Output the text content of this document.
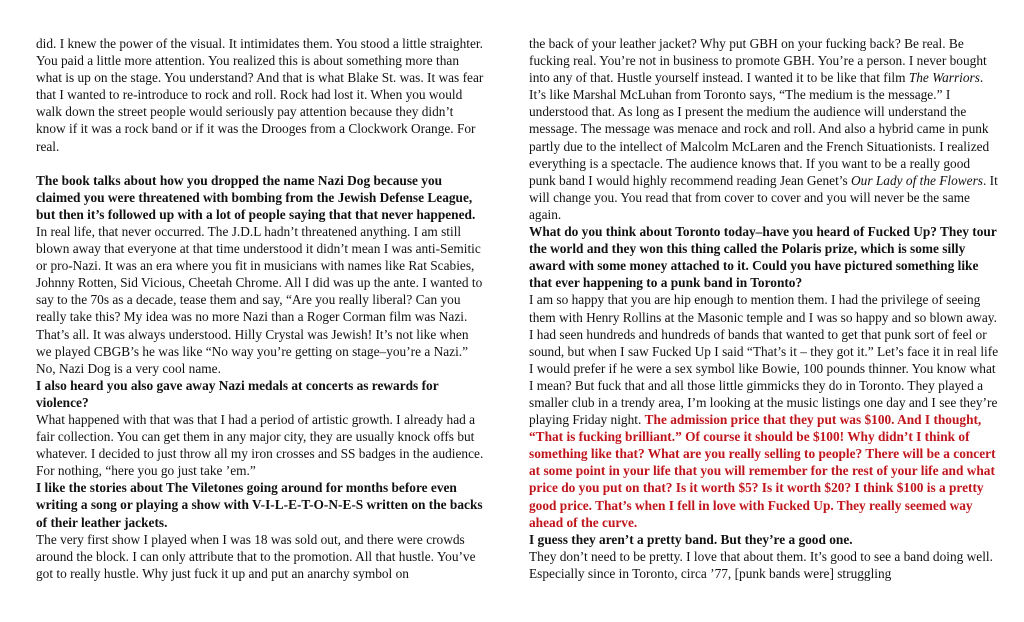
did. I knew the power of the visual. It intimidates them. You stood a little straighter. You paid a little more attention. You realized this is about something more than what is up on the stage. You understand? And that is what Blake St. was. It was fear that I wanted to re-introduce to rock and roll. Rock had lost it. When you would walk down the street people would seriously pay attention because they didn’t know if it was a rock band or if it was the Drooges from a Clockwork Orange. For real.

The book talks about how you dropped the name Nazi Dog because you claimed you were threatened with bombing from the Jewish Defense League, but then it’s followed up with a lot of people saying that that never happened.

In real life, that never occurred. The J.D.L hadn’t threatened anything. I am still blown away that everyone at that time understood it didn’t mean I was anti-Semitic or pro-Nazi. It was an era where you fit in musicians with names like Rat Scabies, Johnny Rotten, Sid Vicious, Cheetah Chrome. All I did was up the ante. I wanted to say to the 70s as a decade, tease them and say, “Are you really liberal? Can you really take this? My idea was no more Nazi than a Roger Corman film was Nazi. That’s all. It was always understood. Hilly Crystal was Jewish! It’s not like when we played CBGB’s he was like “No way you’re getting on stage–you’re a Nazi.” No, Nazi Dog is a very cool name.

I also heard you also gave away Nazi medals at concerts as rewards for violence?

What happened with that was that I had a period of artistic growth. I already had a fair collection. You can get them in any major city, they are usually knock offs but whatever. I decided to just throw all my iron crosses and SS badges in the audience. For nothing, “here you go just take ’em.”

I like the stories about The Viletones going around for months before even writing a song or playing a show with V-I-L-E-T-O-N-E-S written on the backs of their leather jackets.

The very first show I played when I was 18 was sold out, and there were crowds around the block. I can only attribute that to the promotion. All that hustle. You’ve got to really hustle. Why just fuck it up and put an anarchy symbol on

the back of your leather jacket? Why put GBH on your fucking back? Be real. Be fucking real. You’re not in business to promote GBH. You’re a person. I never bought into any of that. Hustle yourself instead. I wanted it to be like that film The Warriors. It’s like Marshal McLuhan from Toronto says, “The medium is the message.” I understood that. As long as I present the medium the audience will understand the message. The message was menace and rock and roll. And also a hybrid came in punk partly due to the intellect of Malcolm McLaren and the French Situationists. I realized everything is a spectacle. The audience knows that. If you want to be a really good punk band I would highly recommend reading Jean Genet’s Our Lady of the Flowers. It will change you. You read that from cover to cover and you will never be the same again.

What do you think about Toronto today–have you heard of Fucked Up? They tour the world and they won this thing called the Polaris prize, which is some silly award with some money attached to it. Could you have pictured something like that ever happening to a punk band in Toronto?

I am so happy that you are hip enough to mention them. I had the privilege of seeing them with Henry Rollins at the Masonic temple and I was so happy and so blown away. I had seen hundreds and hundreds of bands that wanted to get that punk sort of feel or sound, but when I saw Fucked Up I said “That’s it – they got it.” Let’s face it in real life I would prefer if he were a sex symbol like Bowie, 100 pounds thinner. You know what I mean? But fuck that and all those little gimmicks they do in Toronto. They played a smaller club in a trendy area, I’m looking at the music listings one day and I see they’re playing Friday night. The admission price that they put was $100. And I thought, “That is fucking brilliant.” Of course it should be $100! Why didn’t I think of something like that? What are you really selling to people? There will be a concert at some point in your life that you will remember for the rest of your life and what price do you put on that? Is it worth $5? Is it worth $20? I think $100 is a pretty good price. That’s when I fell in love with Fucked Up. They really seemed way ahead of the curve.

I guess they aren’t a pretty band. But they’re a good one.

They don’t need to be pretty. I love that about them. It’s good to see a band doing well. Especially since in Toronto, circa ’77, [punk bands were] struggling
